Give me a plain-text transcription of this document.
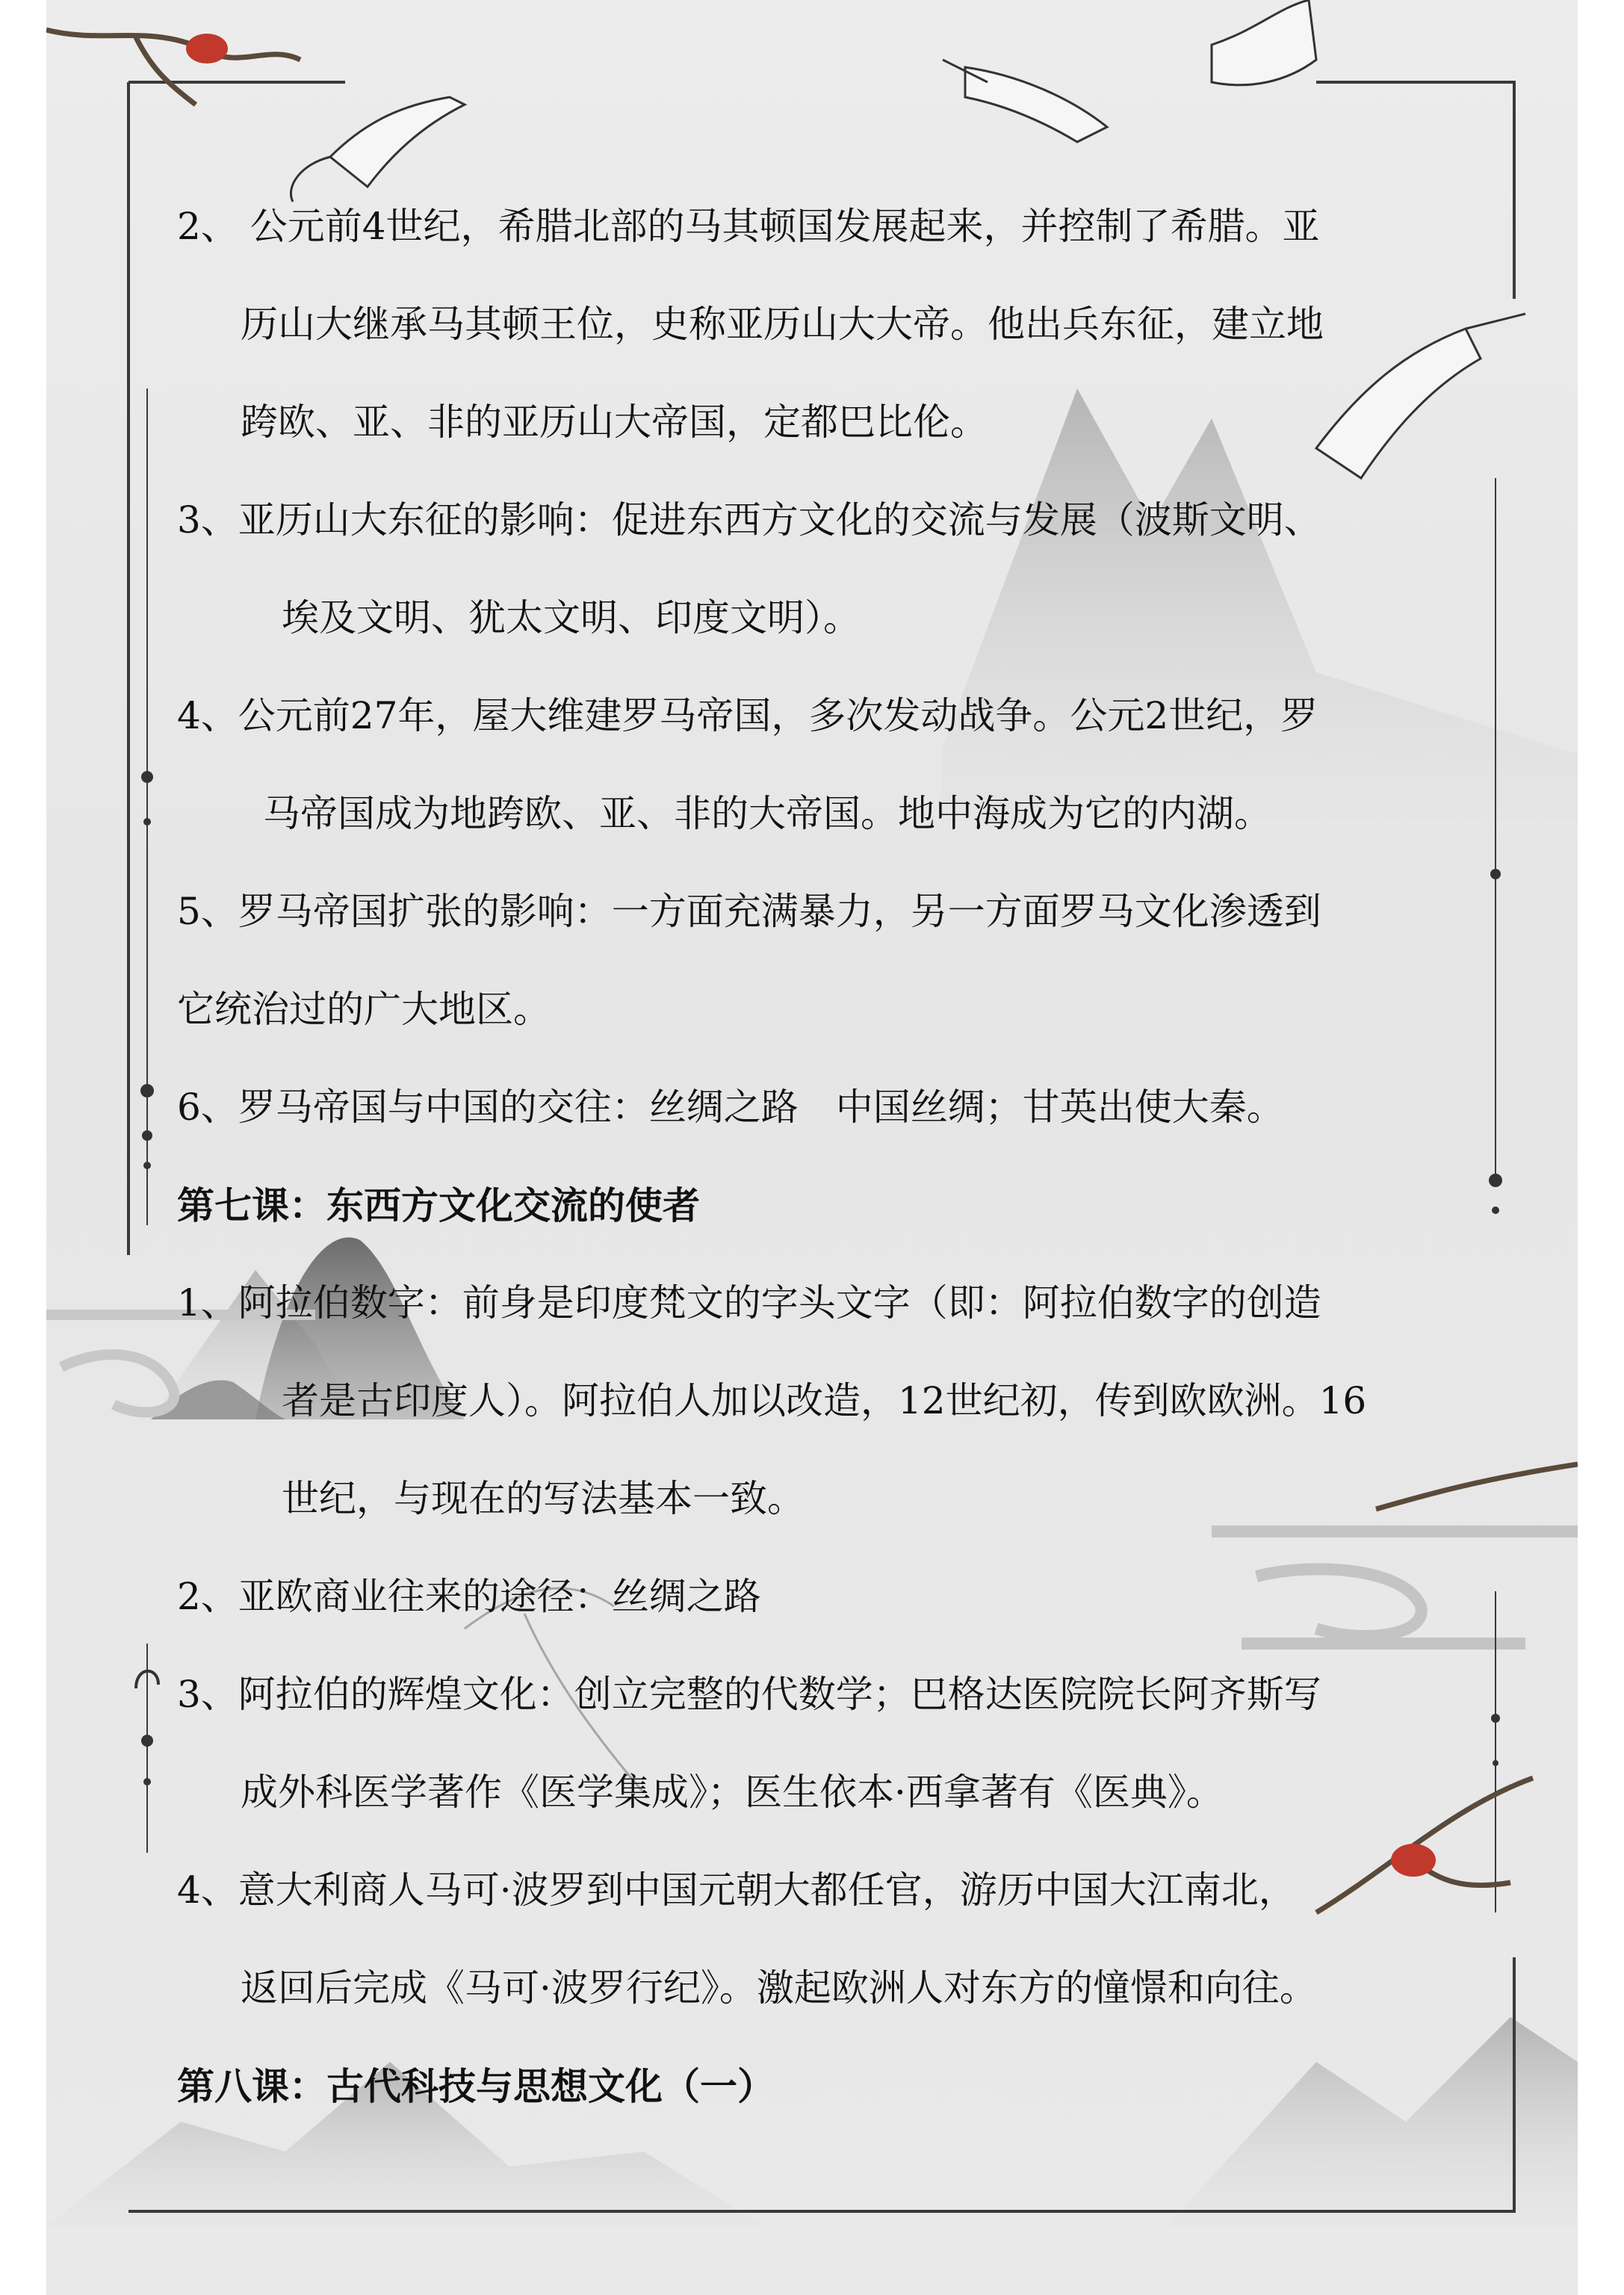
2、 公元前4世纪，希腊北部的马其顿国发展起来，并控制了希腊。亚
历山大继承马其顿王位，史称亚历山大大帝。他出兵东征，建立地
跨欧、亚、非的亚历山大帝国，定都巴比伦。
3、亚历山大东征的影响：促进东西方文化的交流与发展（波斯文明、
埃及文明、犹太文明、印度文明）。
4、公元前27年，屋大维建罗马帝国，多次发动战争。公元2世纪，罗
马帝国成为地跨欧、亚、非的大帝国。地中海成为它的内湖。
5、罗马帝国扩张的影响：一方面充满暴力，另一方面罗马文化渗透到
它统治过的广大地区。
6、罗马帝国与中国的交往：丝绸之路　中国丝绸；甘英出使大秦。
第七课：东西方文化交流的使者
1、阿拉伯数字：前身是印度梵文的字头文字（即：阿拉伯数字的创造
者是古印度人）。阿拉伯人加以改造，12世纪初，传到欧欧洲。16
世纪，与现在的写法基本一致。
2、亚欧商业往来的途径：丝绸之路
3、阿拉伯的辉煌文化：创立完整的代数学；巴格达医院院长阿齐斯写
成外科医学著作《医学集成》；医生依本·西拿著有《医典》。
4、意大利商人马可·波罗到中国元朝大都任官，游历中国大江南北，
返回后完成《马可·波罗行纪》。激起欧洲人对东方的憧憬和向往。
第八课：古代科技与思想文化（一）
